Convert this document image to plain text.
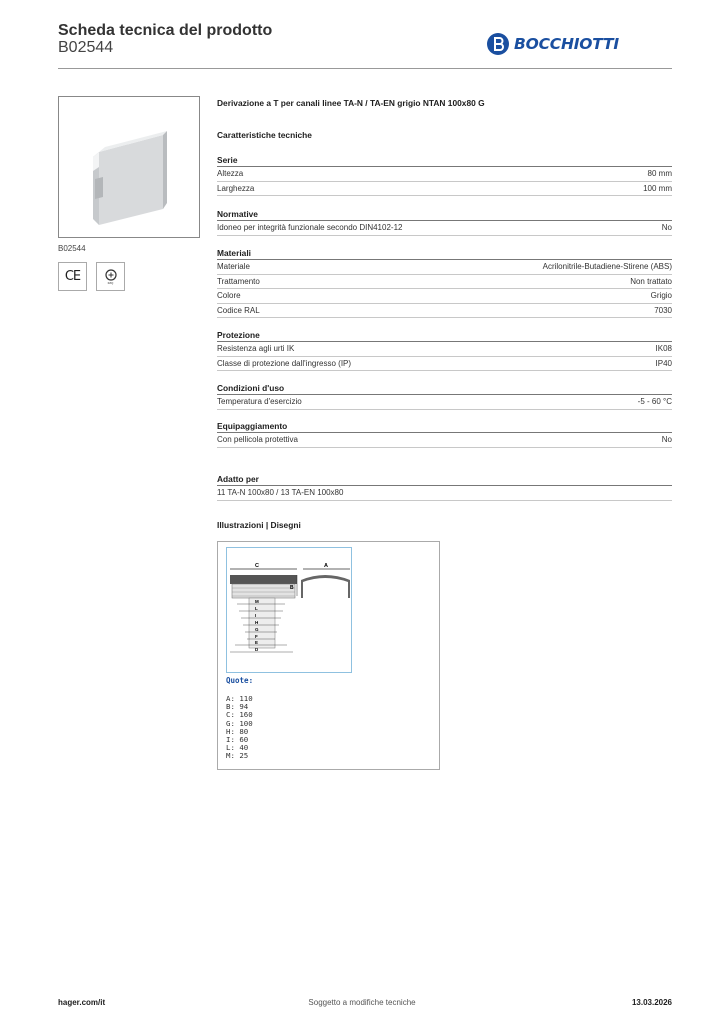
Scheda tecnica del prodotto
B02544	BOCCHIOTTI
B02544
CE	IMQ
Derivazione a T per canali linee TA-N / TA-EN grigio NTAN 100x80 G
Caratteristiche tecniche
Serie
Altezza	80 mm
Larghezza	100 mm
Normative
Idoneo per integrità funzionale secondo DIN4102-12	No
Materiali
Materiale	Acrilonitrile-Butadiene-Stirene (ABS)
Trattamento	Non trattato
Colore	Grigio
Codice RAL	7030
Protezione
Resistenza agli urti IK	IK08
Classe di protezione dall'ingresso (IP)	IP40
Condizioni d'uso
Temperatura d'esercizio	-5 - 60 °C
Equipaggiamento
Con pellicola protettiva	No
Adatto per
11 TA-N 100x80 / 13 TA-EN 100x80
Illustrazioni | Disegni
C	A
B
M
L
I
H
G
F
E
D
Quote:
A: 110
B: 94
C: 160
G: 100
H: 80
I: 60
L: 40
M: 25
hager.com/it	Soggetto a modifiche tecniche	13.03.2026
